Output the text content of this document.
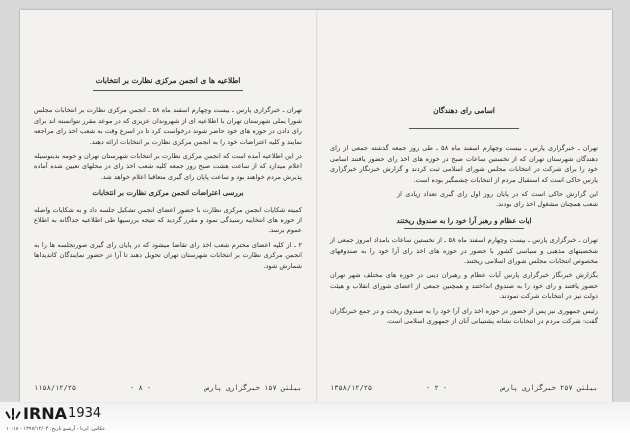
اطلاعیه ها ی انجمن مرکزی نظارت بر انتخابات

تهران ـ خبرگزاری پارس ـ بیست وچهارم اسفند ماه ۵۸ ـ انجمن مرکزی نظارت بر انتخابات مجلس شورا یملی شهرستان تهران با اطلاعیه ای از شهروندان عزیزی که در موعد مقرر نتوانسته اند برای رای دادن در حوزه های خود حاضر شوند درخواست کرد تا در اسرع وقت به شعب اخذ رای مراجعه نمایند و کلیه اعتراضات خود را به انجمن مرکزی نظارت بر انتخابات ارائه دهند.

در این اطلاعیه آمده است که انجمن مرکزی نظارت بر انتخابات شهرستان تهران و حومه بدینوسیله اعلام میدارد که از ساعت هشت صبح روز جمعه کلیه شعب اخذ رای در محلهای تعیین شده آماده پذیرش مردم خواهند بود و ساعت پایان رای گیری متعاقبا اعلام خواهد شد.

بررسی اعتراضات انجمن مرکزی نظارت بر انتخابات

کمیته شکایات انجمن مرکزی نظارت با حضور اعضای انجمن تشکیل جلسه داد و به شکایات واصله از حوزه های انتخابیه رسیدگی نمود و مقرر گردید که نتیجه بررسیها طی اطلاعیه جداگانه به اطلاع عموم برسد.

۲ ـ از کلیه اعضای محترم شعب اخذ رای تقاضا میشود که در پایان رای گیری صورتجلسه ها را به انجمن مرکزی نظارت بر انتخابات شهرستان تهران تحویل دهند تا آرا در حضور نمایندگان کاندیداها شمارش شود.

۱۱۵۸/۱۲/۲۵	- ۸ -	بیلتن ۱۵۷ خبرگزاری پارس
اسامی رای دهندگان

تهران ـ خبرگزاری پارس ـ بیست وچهارم اسفند ماه ۵۸ ـ طی روز جمعه گذشته جمعی از رای دهندگان شهرستان تهران که از نخستین ساعات صبح در حوزه های اخذ رای حضور یافتند اسامی خود را برای شرکت در انتخابات مجلس شورای اسلامی ثبت کردند و گزارش خبرنگار خبرگزاری پارس حاکی است که استقبال مردم از انتخابات چشمگیر بوده است.

این گزارش حاکی است که در پایان روز اول رای گیری تعداد زیادی از شعب همچنان مشغول اخذ رای بودند.

ایات عظام و رهبر آرا خود را به صندوق ریختند

تهران ـ خبرگزاری پارس ـ بیست وچهارم اسفند ماه ۵۸ ـ از نخستین ساعات بامداد امروز جمعی از شخصیتهای مذهبی و سیاسی کشور با حضور در حوزه های اخذ رای آرا خود را به صندوقهای مخصوص انتخابات مجلس شورای اسلامی ریختند.

بگزارش خبرنگار خبرگزاری پارس آیات عظام و رهبران دینی در حوزه های مختلف شهر تهران حضور یافتند و رای خود را به صندوق انداختند و همچنین جمعی از اعضای شورای انقلاب و هیئت دولت نیز در انتخابات شرکت نمودند.

رئیس جمهوری نیز پس از حضور در حوزه اخذ رای آرا خود را به صندوق ریخت و در جمع خبرنگاران گفت: شرکت مردم در انتخابات نشانه پشتیبانی آنان از جمهوری اسلامی است.

۱۳۵۸/۱۲/۲۵	- ۲ -	بیلتن ۲۵۷ خبرگزاری پارس
IRNA 1934
عکاس: ایرنا - آرشیو تاریخ: ۱۳۹۷/۱۲/۰۴ - ۱۰:۱۸
